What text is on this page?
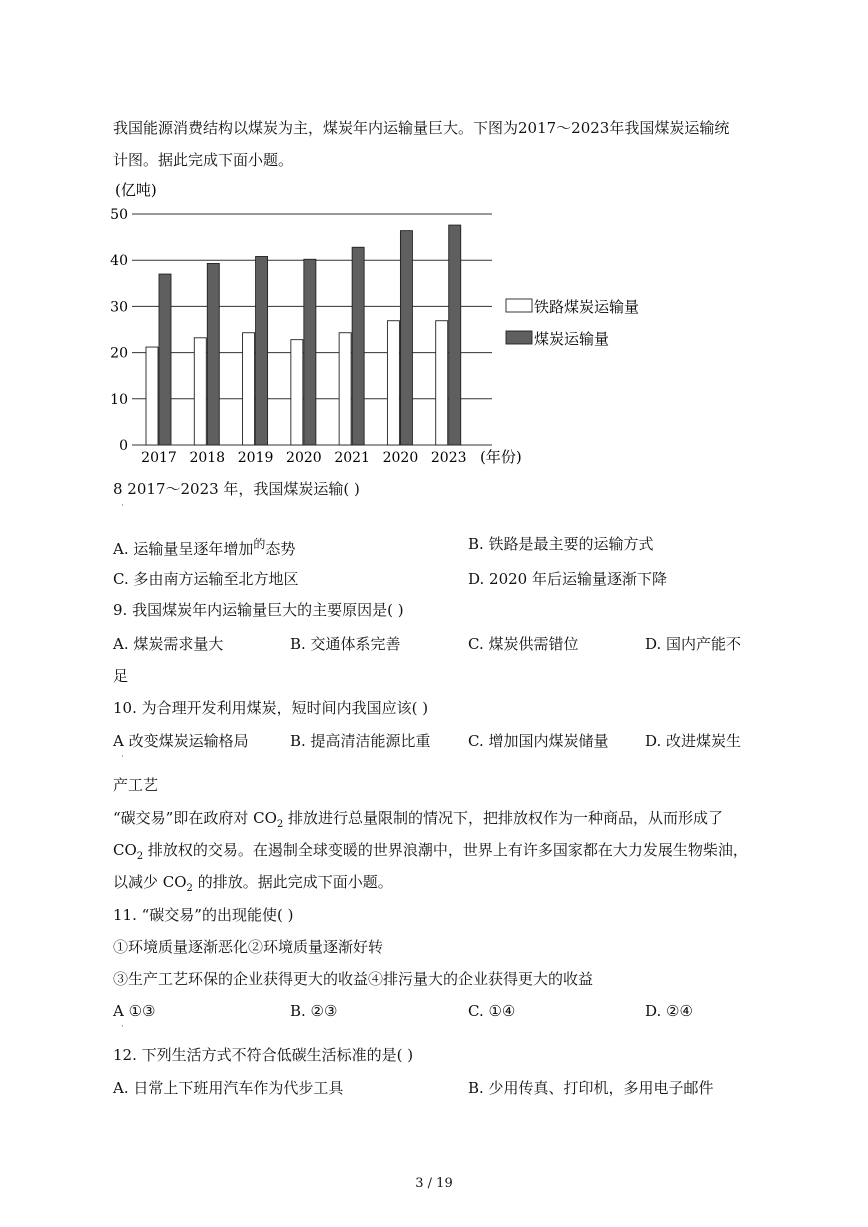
我国能源消费结构以煤炭为主，煤炭年内运输量巨大。下图为2017～2023年我国煤炭运输统
计图。据此完成下面小题。
(亿吨)
50
40
30
20
10
0
2017 2018 2019 2020 2021 2020 2023 (年份)
铁路煤炭运输量
煤炭运输量
8 2017～2023 年，我国煤炭运输( )
·
A. 运输量呈逐年增加$^的$态势	B. 铁路是最主要的运输方式
C. 多由南方运输至北方地区	D. 2020 年后运输量逐渐下降
9. 我国煤炭年内运输量巨大的主要原因是( )
A. 煤炭需求量大	B. 交通体系完善	C. 煤炭供需错位	D. 国内产能不
足
10. 为合理开发利用煤炭，短时间内我国应该( )
A 改变煤炭运输格局
·
B. 提高清洁能源比重 C. 增加国内煤炭储量 D. 改进煤炭生
产工艺
“碳交易”即在政府对 $CO_2$ 排放进行总量限制的情况下，把排放权作为一种商品，从而形成了
$CO_2$ 排放权的交易。在遏制全球变暖的世界浪潮中，世界上有许多国家都在大力发展生物柴油，
以减少 $CO_2$ 的排放。据此完成下面小题。
11. “碳交易”的出现能使( )
①环境质量逐渐恶化②环境质量逐渐好转
③生产工艺环保的企业获得更大的收益④排污量大的企业获得更大的收益
A ①③
·
B. ②③	C. ①④	D. ②④
12. 下列生活方式不符合低碳生活标准的是( )
A. 日常上下班用汽车作为代步工具	B. 少用传真、打印机，多用电子邮件
3 / 19
